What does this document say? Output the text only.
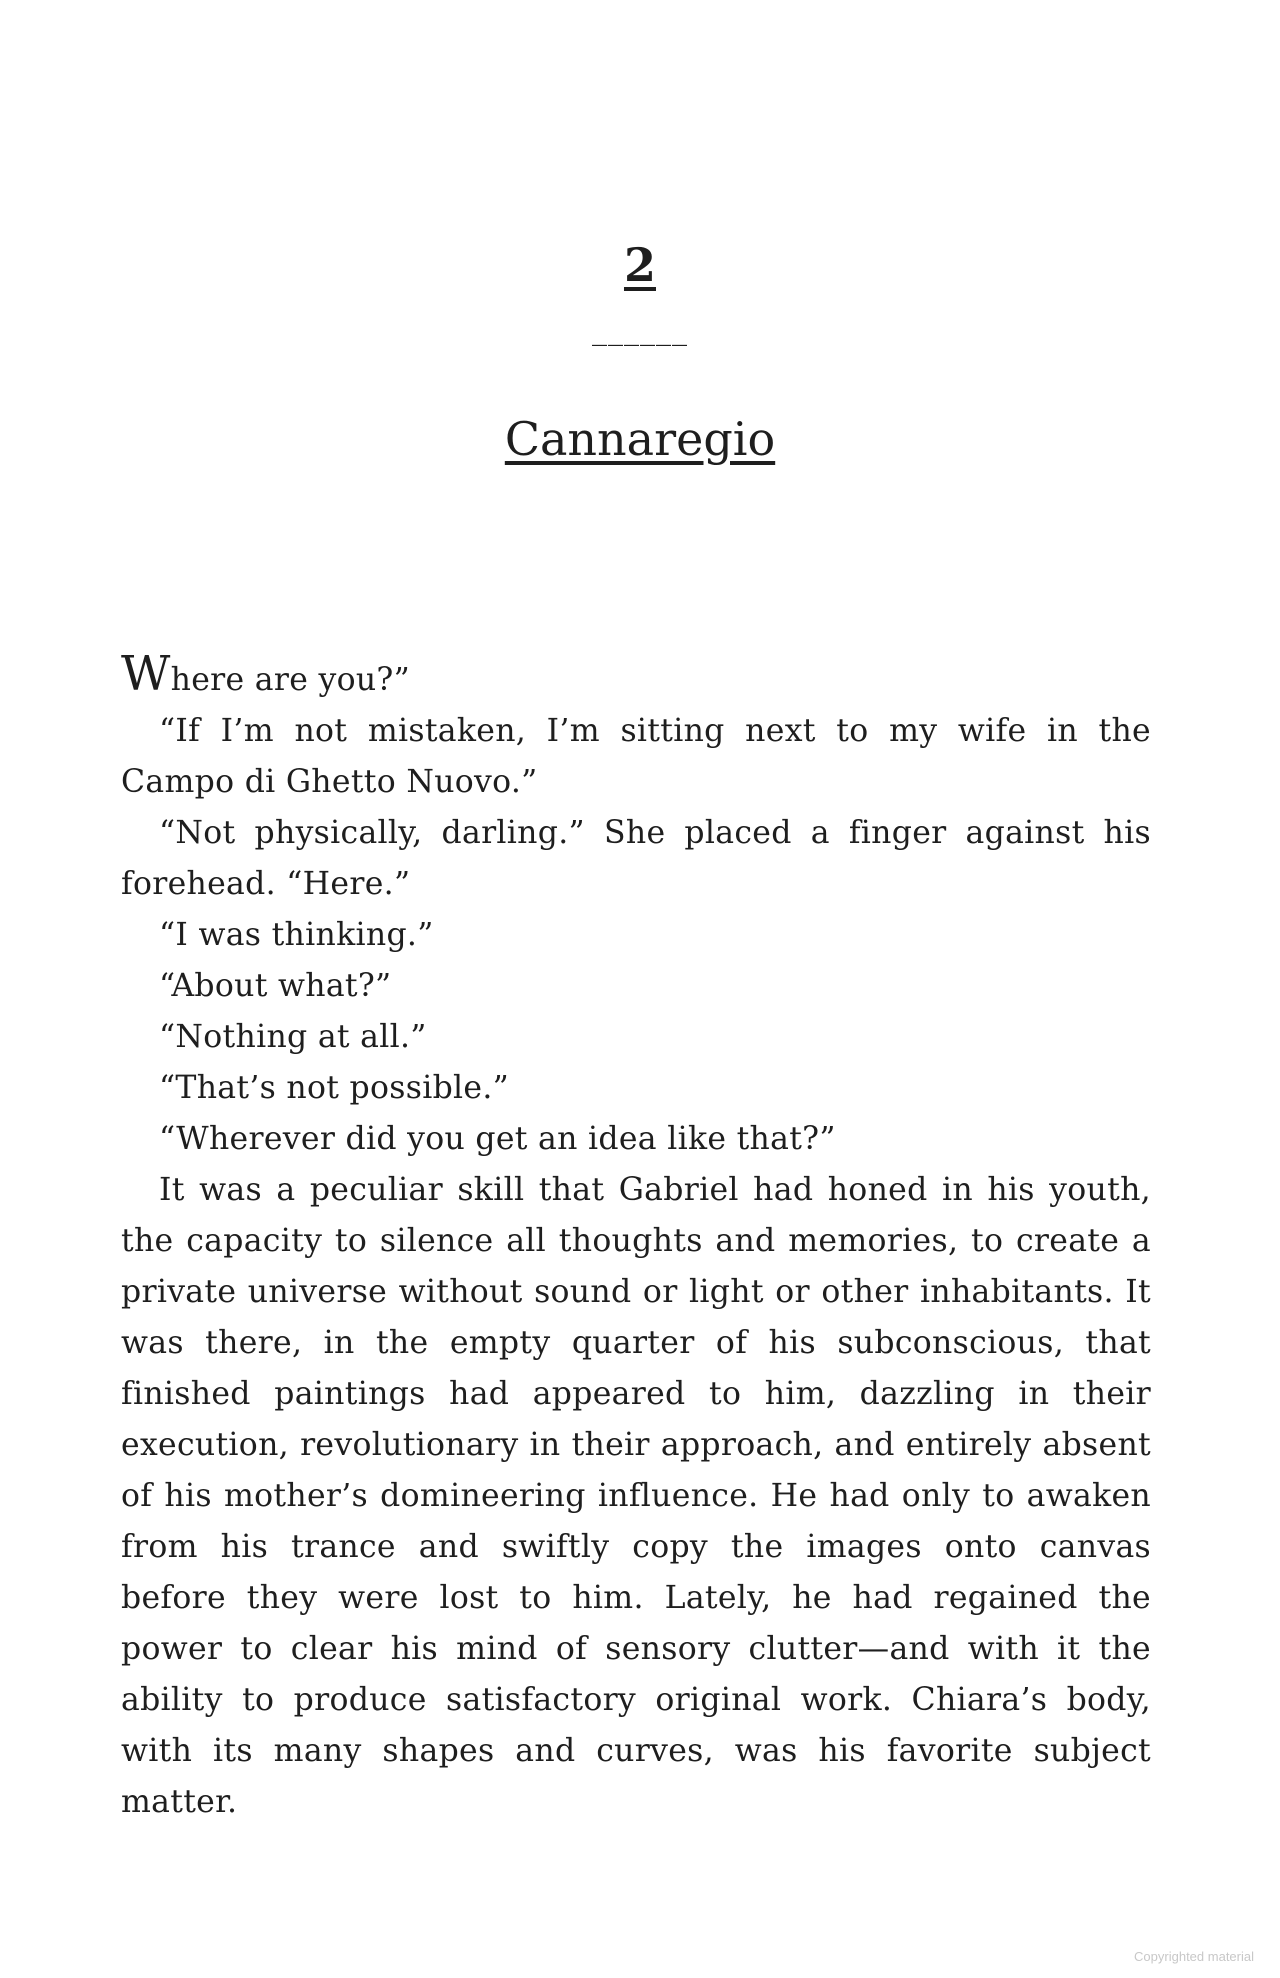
2
______
Cannaregio

Where are you?”

“If I’m not mistaken, I’m sitting next to my wife in the Campo di Ghetto Nuovo.”

“Not physically, darling.” She placed a finger against his forehead. “Here.”

“I was thinking.”

“About what?”

“Nothing at all.”

“That’s not possible.”

“Wherever did you get an idea like that?”

It was a peculiar skill that Gabriel had honed in his youth, the capacity to silence all thoughts and memories, to create a private universe without sound or light or other inhabitants. It was there, in the empty quarter of his subconscious, that finished paintings had appeared to him, dazzling in their execution, revolutionary in their approach, and entirely absent of his mother’s domineering influence. He had only to awaken from his trance and swiftly copy the images onto canvas before they were lost to him. Lately, he had regained the power to clear his mind of sensory clutter—and with it the ability to produce satisfactory original work. Chiara’s body, with its many shapes and curves, was his favorite subject matter.

Copyrighted material
